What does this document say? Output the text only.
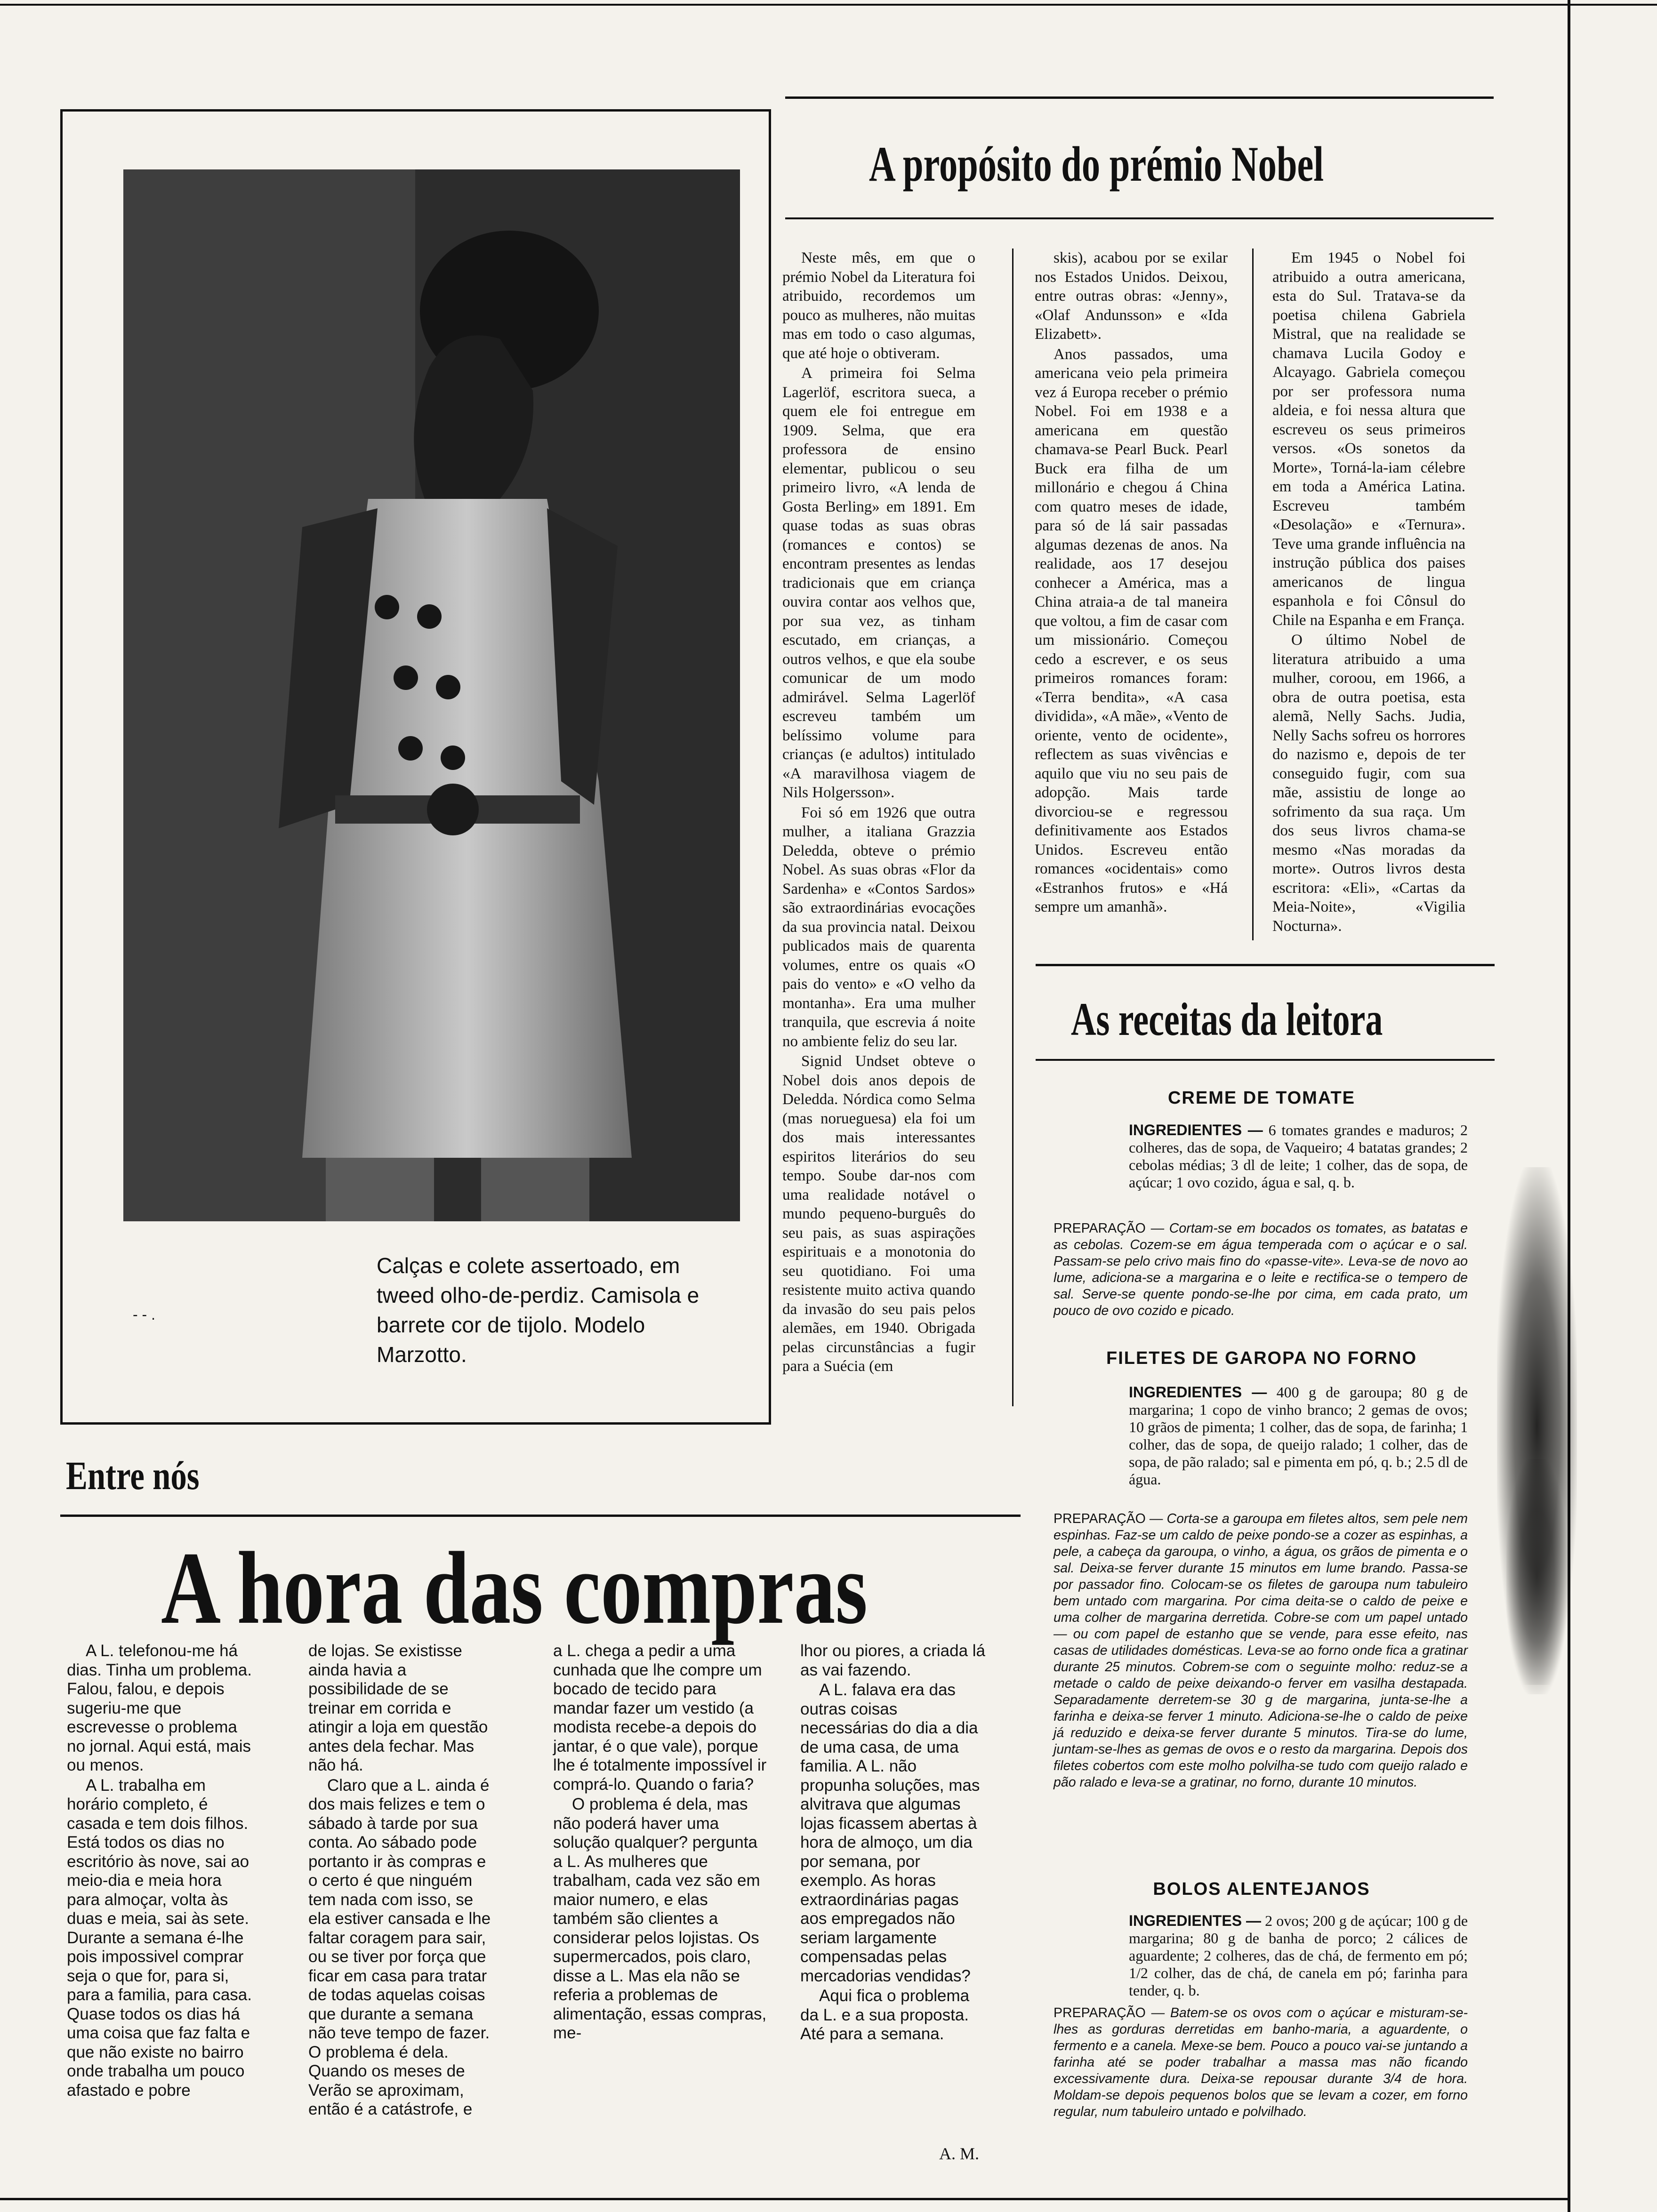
Calças e colete assertoado, em tweed olho-de-perdiz. Camisola e barrete cor de tijolo. Modelo Marzotto.
- - .
A propósito do prémio Nobel

Neste mês, em que o prémio Nobel da Literatura foi atribuido, recordemos um pouco as mulheres, não muitas mas em todo o caso algumas, que até hoje o obtiveram.

A primeira foi Selma Lagerlöf, escritora sueca, a quem ele foi entregue em 1909. Selma, que era professora de ensino elementar, publicou o seu primeiro livro, «A lenda de Gosta Berling» em 1891. Em quase todas as suas obras (romances e contos) se encontram presentes as lendas tradicionais que em criança ouvira contar aos velhos que, por sua vez, as tinham escutado, em crianças, a outros velhos, e que ela soube comunicar de um modo admirável. Selma Lagerlöf escreveu também um belíssimo volume para crianças (e adultos) intitulado «A maravilhosa viagem de Nils Holgersson».

Foi só em 1926 que outra mulher, a italiana Grazzia Deledda, obteve o prémio Nobel. As suas obras «Flor da Sardenha» e «Contos Sardos» são extraordinárias evocações da sua provincia natal. Deixou publicados mais de quarenta volumes, entre os quais «O pais do vento» e «O velho da montanha». Era uma mulher tranquila, que escrevia á noite no ambiente feliz do seu lar.

Signid Undset obteve o Nobel dois anos depois de Deledda. Nórdica como Selma (mas norueguesa) ela foi um dos mais interessantes espiritos literários do seu tempo. Soube dar-nos com uma realidade notável o mundo pequeno-burguês do seu pais, as suas aspirações espirituais e a monotonia do seu quotidiano. Foi uma resistente muito activa quando da invasão do seu pais pelos alemães, em 1940. Obrigada pelas circunstâncias a fugir para a Suécia (em

skis), acabou por se exilar nos Estados Unidos. Deixou, entre outras obras: «Jenny», «Olaf Andunsson» e «Ida Elizabett».

Anos passados, uma americana veio pela primeira vez á Europa receber o prémio Nobel. Foi em 1938 e a americana em questão chamava-se Pearl Buck. Pearl Buck era filha de um millonário e chegou á China com quatro meses de idade, para só de lá sair passadas algumas dezenas de anos. Na realidade, aos 17 desejou conhecer a América, mas a China atraia-a de tal maneira que voltou, a fim de casar com um missionário. Começou cedo a escrever, e os seus primeiros romances foram: «Terra bendita», «A casa dividida», «A mãe», «Vento de oriente, vento de ocidente», reflectem as suas vivências e aquilo que viu no seu pais de adopção. Mais tarde divorciou-se e regressou definitivamente aos Estados Unidos. Escreveu então romances «ocidentais» como «Estranhos frutos» e «Há sempre um amanhã».

Em 1945 o Nobel foi atribuido a outra americana, esta do Sul. Tratava-se da poetisa chilena Gabriela Mistral, que na realidade se chamava Lucila Godoy e Alcayago. Gabriela começou por ser professora numa aldeia, e foi nessa altura que escreveu os seus primeiros versos. «Os sonetos da Morte», Torná-la-iam célebre em toda a América Latina. Escreveu também «Desolação» e «Ternura». Teve uma grande influência na instrução pública dos paises americanos de lingua espanhola e foi Cônsul do Chile na Espanha e em França.

O último Nobel de literatura atribuido a uma mulher, coroou, em 1966, a obra de outra poetisa, esta alemã, Nelly Sachs. Judia, Nelly Sachs sofreu os horrores do nazismo e, depois de ter conseguido fugir, com sua mãe, assistiu de longe ao sofrimento da sua raça. Um dos seus livros chama-se mesmo «Nas moradas da morte». Outros livros desta escritora: «Eli», «Cartas da Meia-Noite», «Vigilia Nocturna».

As receitas da leitora
CREME DE TOMATE

INGREDIENTES — 6 tomates grandes e maduros; 2 colheres, das de sopa, de Vaqueiro; 4 batatas grandes; 2 cebolas médias; 3 dl de leite; 1 colher, das de sopa, de açúcar; 1 ovo cozido, água e sal, q. b.

PREPARAÇÃO — Cortam-se em bocados os tomates, as batatas e as cebolas. Cozem-se em água temperada com o açúcar e o sal. Passam-se pelo crivo mais fino do «passe-vite». Leva-se de novo ao lume, adiciona-se a margarina e o leite e rectifica-se o tempero de sal. Serve-se quente pondo-se-lhe por cima, em cada prato, um pouco de ovo cozido e picado.

FILETES DE GAROPA NO FORNO

INGREDIENTES — 400 g de garoupa; 80 g de margarina; 1 copo de vinho branco; 2 gemas de ovos; 10 grãos de pimenta; 1 colher, das de sopa, de farinha; 1 colher, das de sopa, de queijo ralado; 1 colher, das de sopa, de pão ralado; sal e pimenta em pó, q. b.; 2.5 dl de água.

PREPARAÇÃO — Corta-se a garoupa em filetes altos, sem pele nem espinhas. Faz-se um caldo de peixe pondo-se a cozer as espinhas, a pele, a cabeça da garoupa, o vinho, a água, os grãos de pimenta e o sal. Deixa-se ferver durante 15 minutos em lume brando. Passa-se por passador fino. Colocam-se os filetes de garoupa num tabuleiro bem untado com margarina. Por cima deita-se o caldo de peixe e uma colher de margarina derretida. Cobre-se com um papel untado — ou com papel de estanho que se vende, para esse efeito, nas casas de utilidades domésticas. Leva-se ao forno onde fica a gratinar durante 25 minutos. Cobrem-se com o seguinte molho: reduz-se a metade o caldo de peixe deixando-o ferver em vasilha destapada. Separadamente derretem-se 30 g de margarina, junta-se-lhe a farinha e deixa-se ferver 1 minuto. Adiciona-se-lhe o caldo de peixe já reduzido e deixa-se ferver durante 5 minutos. Tira-se do lume, juntam-se-lhes as gemas de ovos e o resto da margarina. Depois dos filetes cobertos com este molho polvilha-se tudo com queijo ralado e pão ralado e leva-se a gratinar, no forno, durante 10 minutos.

BOLOS ALENTEJANOS

INGREDIENTES — 2 ovos; 200 g de açúcar; 100 g de margarina; 80 g de banha de porco; 2 cálices de aguardente; 2 colheres, das de chá, de fermento em pó; 1/2 colher, das de chá, de canela em pó; farinha para tender, q. b.

PREPARAÇÃO — Batem-se os ovos com o açúcar e misturam-se-lhes as gorduras derretidas em banho-maria, a aguardente, o fermento e a canela. Mexe-se bem. Pouco a pouco vai-se juntando a farinha até se poder trabalhar a massa mas não ficando excessivamente dura. Deixa-se repousar durante 3/4 de hora. Moldam-se depois pequenos bolos que se levam a cozer, em forno regular, num tabuleiro untado e polvilhado.

Entre nós
A hora das compras

A L. telefonou-me há dias. Tinha um problema. Falou, falou, e depois sugeriu-me que escrevesse o problema no jornal. Aqui está, mais ou menos.

A L. trabalha em horário completo, é casada e tem dois filhos. Está todos os dias no escritório às nove, sai ao meio-dia e meia hora para almoçar, volta às duas e meia, sai às sete. Durante a semana é-lhe pois impossivel comprar seja o que for, para si, para a familia, para casa. Quase todos os dias há uma coisa que faz falta e que não existe no bairro onde trabalha um pouco afastado e pobre

de lojas. Se existisse ainda havia a possibilidade de se treinar em corrida e atingir a loja em questão antes dela fechar. Mas não há.

Claro que a L. ainda é dos mais felizes e tem o sábado à tarde por sua conta. Ao sábado pode portanto ir às compras e o certo é que ninguém tem nada com isso, se ela estiver cansada e lhe faltar coragem para sair, ou se tiver por força que ficar em casa para tratar de todas aquelas coisas que durante a semana não teve tempo de fazer. O problema é dela. Quando os meses de Verão se aproximam, então é a catástrofe, e

a L. chega a pedir a uma cunhada que lhe compre um bocado de tecido para mandar fazer um vestido (a modista recebe-a depois do jantar, é o que vale), porque lhe é totalmente impossível ir comprá-lo. Quando o faria?

O problema é dela, mas não poderá haver uma solução qualquer? pergunta a L. As mulheres que trabalham, cada vez são em maior numero, e elas também são clientes a considerar pelos lojistas. Os supermercados, pois claro, disse a L. Mas ela não se referia a problemas de alimentação, essas compras, me-

lhor ou piores, a criada lá as vai fazendo.

A L. falava era das outras coisas necessárias do dia a dia de uma casa, de uma familia. A L. não propunha soluções, mas alvitrava que algumas lojas ficassem abertas à hora de almoço, um dia por semana, por exemplo. As horas extraordinárias pagas aos empregados não seriam largamente compensadas pelas mercadorias vendidas?

Aqui fica o problema da L. e a sua proposta. Até para a semana.

A. M.
